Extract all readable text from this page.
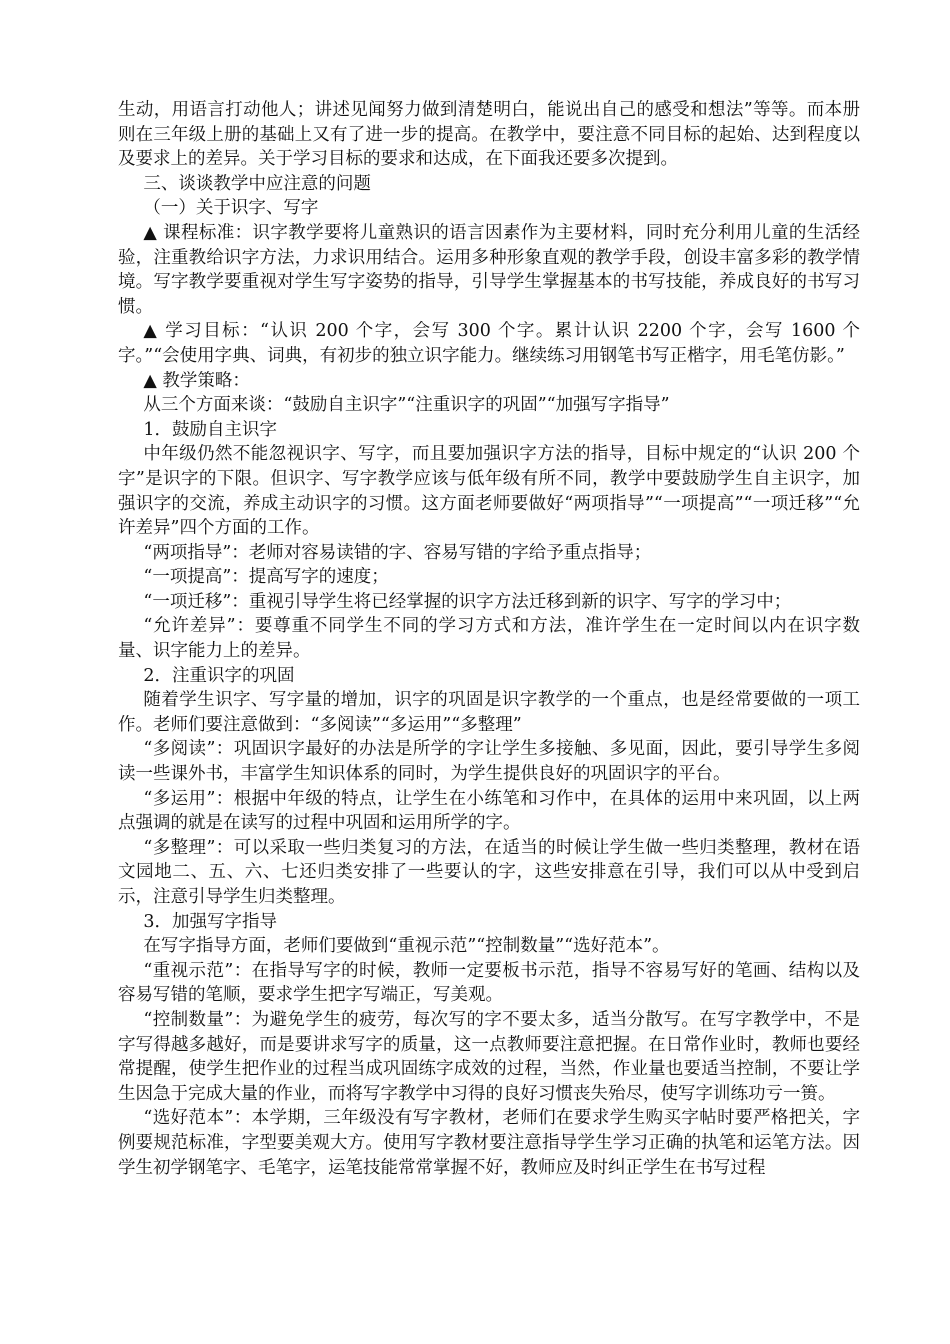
生动，用语言打动他人；讲述见闻努力做到清楚明白，能说出自己的感受和想法”等等。而本册则在三年级上册的基础上又有了进一步的提高。在教学中，要注意不同目标的起始、达到程度以及要求上的差异。关于学习目标的要求和达成，在下面我还要多次提到。

三、谈谈教学中应注意的问题

（一）关于识字、写字

▲ 课程标准：识字教学要将儿童熟识的语言因素作为主要材料，同时充分利用儿童的生活经验，注重教给识字方法，力求识用结合。运用多种形象直观的教学手段，创设丰富多彩的教学情境。写字教学要重视对学生写字姿势的指导，引导学生掌握基本的书写技能，养成良好的书写习惯。

▲ 学习目标：“认识 200 个字，会写 300 个字。累计认识 2200 个字，会写 1600 个字。”“会使用字典、词典，有初步的独立识字能力。继续练习用钢笔书写正楷字，用毛笔仿影。”

▲ 教学策略：

从三个方面来谈：“鼓励自主识字”“注重识字的巩固”“加强写字指导”

1．鼓励自主识字

中年级仍然不能忽视识字、写字，而且要加强识字方法的指导，目标中规定的“认识 200 个字”是识字的下限。但识字、写字教学应该与低年级有所不同，教学中要鼓励学生自主识字，加强识字的交流，养成主动识字的习惯。这方面老师要做好“两项指导”“一项提高”“一项迁移”“允许差异”四个方面的工作。

“两项指导”：老师对容易读错的字、容易写错的字给予重点指导；

“一项提高”：提高写字的速度；

“一项迁移”：重视引导学生将已经掌握的识字方法迁移到新的识字、写字的学习中；

“允许差异”：要尊重不同学生不同的学习方式和方法，准许学生在一定时间以内在识字数量、识字能力上的差异。

2．注重识字的巩固

随着学生识字、写字量的增加，识字的巩固是识字教学的一个重点，也是经常要做的一项工作。老师们要注意做到：“多阅读”“多运用”“多整理”

“多阅读”：巩固识字最好的办法是所学的字让学生多接触、多见面，因此，要引导学生多阅读一些课外书，丰富学生知识体系的同时，为学生提供良好的巩固识字的平台。

“多运用”：根据中年级的特点，让学生在小练笔和习作中，在具体的运用中来巩固，以上两点强调的就是在读写的过程中巩固和运用所学的字。

“多整理”：可以采取一些归类复习的方法，在适当的时候让学生做一些归类整理，教材在语文园地二、五、六、七还归类安排了一些要认的字，这些安排意在引导，我们可以从中受到启示，注意引导学生归类整理。

3．加强写字指导

在写字指导方面，老师们要做到“重视示范”“控制数量”“选好范本”。

“重视示范”：在指导写字的时候，教师一定要板书示范，指导不容易写好的笔画、结构以及容易写错的笔顺，要求学生把字写端正，写美观。

“控制数量”：为避免学生的疲劳，每次写的字不要太多，适当分散写。在写字教学中，不是字写得越多越好，而是要讲求写字的质量，这一点教师要注意把握。在日常作业时，教师也要经常提醒，使学生把作业的过程当成巩固练字成效的过程，当然，作业量也要适当控制，不要让学生因急于完成大量的作业，而将写字教学中习得的良好习惯丧失殆尽，使写字训练功亏一篑。

“选好范本”：本学期，三年级没有写字教材，老师们在要求学生购买字帖时要严格把关，字例要规范标准，字型要美观大方。使用写字教材要注意指导学生学习正确的执笔和运笔方法。因学生初学钢笔字、毛笔字，运笔技能常常掌握不好，教师应及时纠正学生在书写过程
